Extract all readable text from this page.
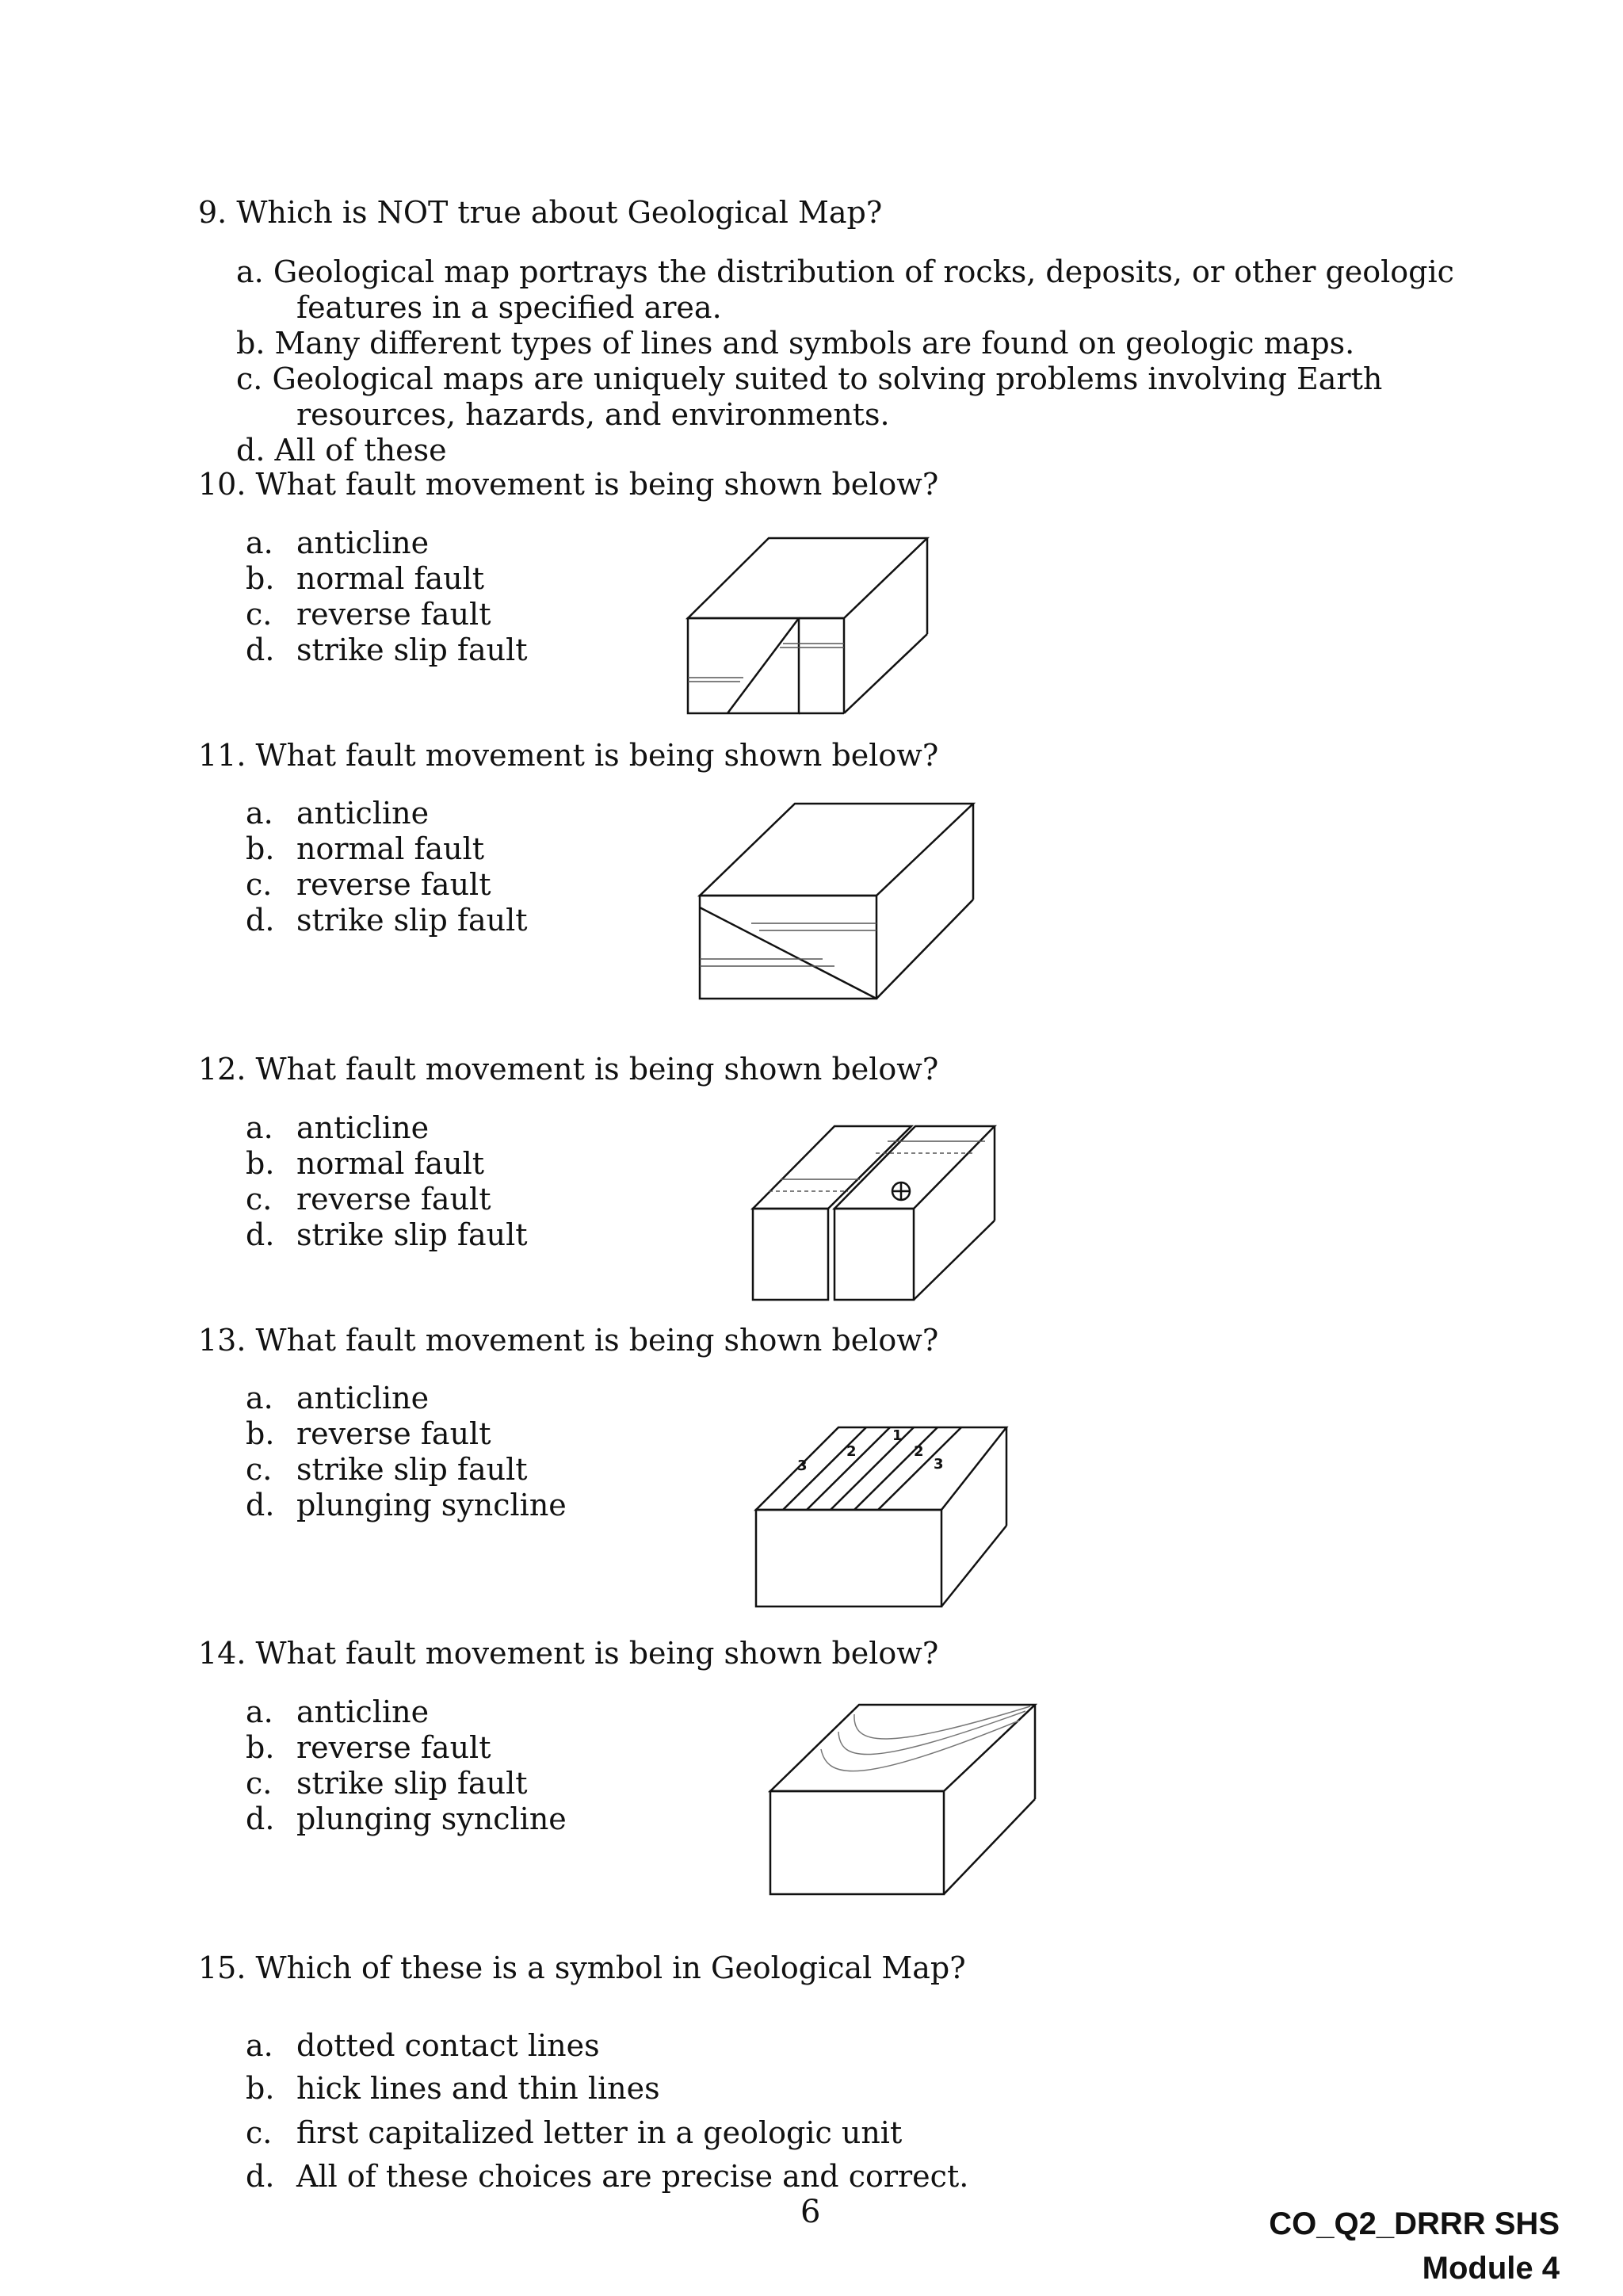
9. Which is NOT true about Geological Map?
a. Geological map portrays the distribution of rocks, deposits, or other geologic
features in a specified area.
b. Many different types of lines and symbols are found on geologic maps.
c. Geological maps are uniquely suited to solving problems involving Earth
resources, hazards, and environments.
d. All of these
10. What fault movement is being shown below?
a. anticline
b. normal fault
c. reverse fault
d. strike slip fault
11. What fault movement is being shown below?
a. anticline
b. normal fault
c. reverse fault
d. strike slip fault
12. What fault movement is being shown below?
a. anticline
b. normal fault
c. reverse fault
d. strike slip fault
13. What fault movement is being shown below?
a. anticline
b. reverse fault
c. strike slip fault
d. plunging syncline
3
2
1
2
3
14. What fault movement is being shown below?
a. anticline
b. reverse fault
c. strike slip fault
d. plunging syncline
15. Which of these is a symbol in Geological Map?
a. dotted contact lines
b. hick lines and thin lines
c. first capitalized letter in a geologic unit
d. All of these choices are precise and correct.
6	CO_Q2_DRRR SHS
Module 4
